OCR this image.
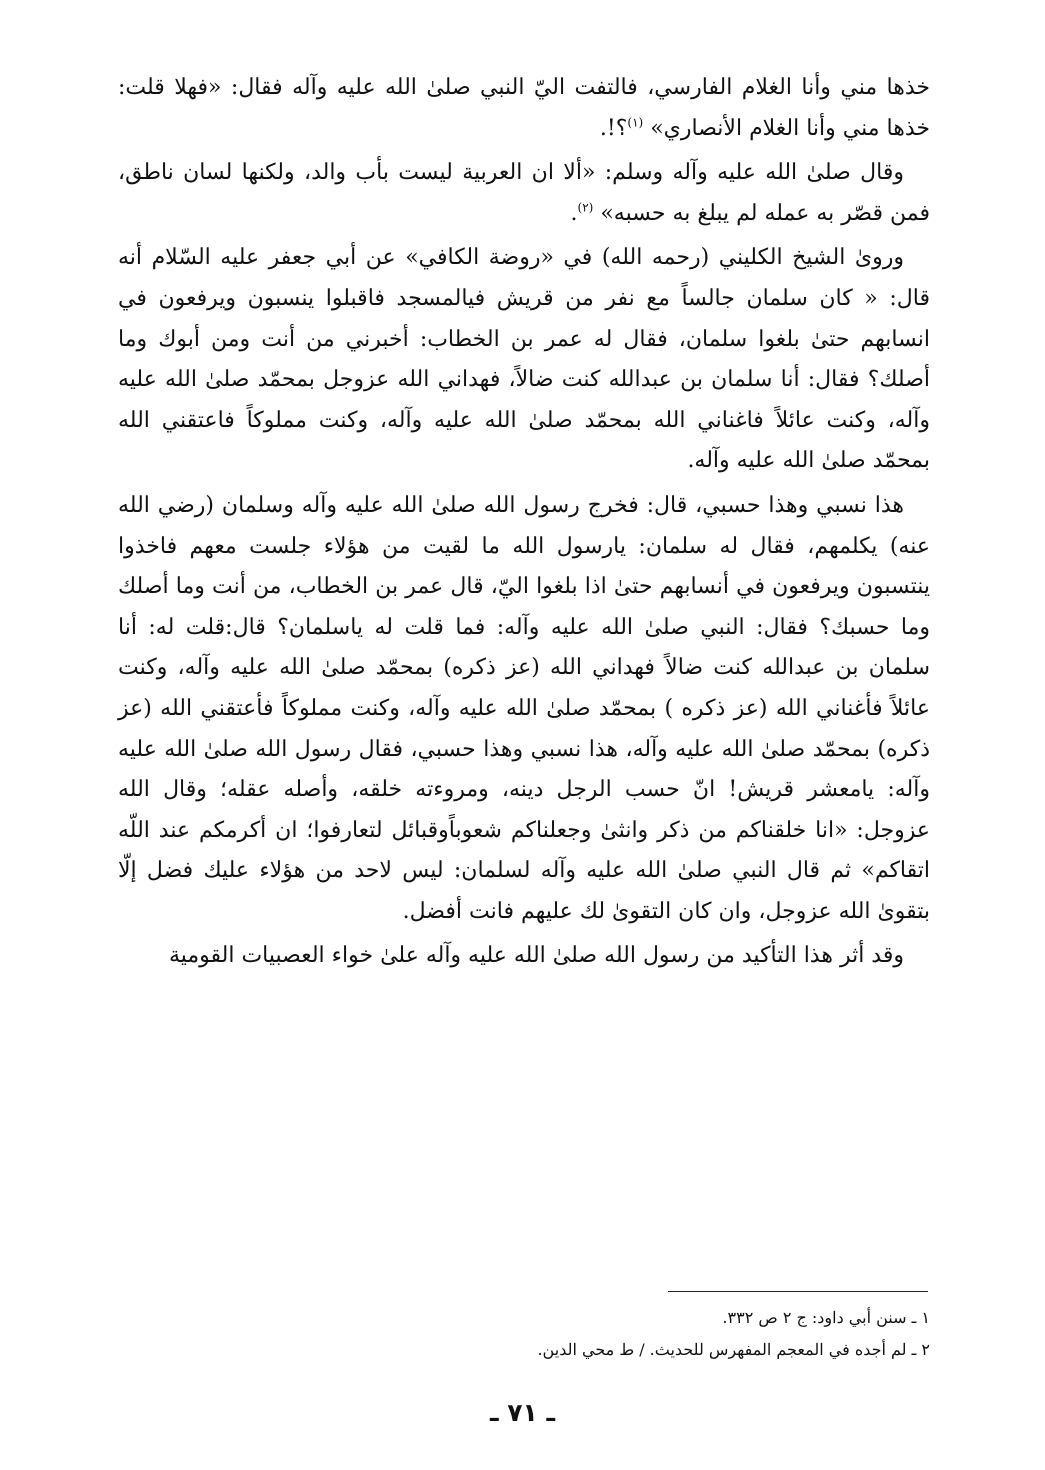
خذها مني وأنا الغلام الفارسي، فالتفت اليّ النبي صلىٰ الله عليه وآله فقال: «فهلا قلت: خذها مني وأنا الغلام الأنصاري» $^{(١)}$؟!.

وقال صلىٰ الله عليه وآله وسلم: «ألا ان العربية ليست بأب والد، ولكنها لسان ناطق، فمن قصّر به عمله لم يبلغ به حسبه» $^{(٢)}$.

وروىٰ الشيخ الكليني (رحمه الله) في «روضة الكافي» عن أبي جعفر عليه السّلام أنه قال: « كان سلمان جالساً مع نفر من قريش فيالمسجد فاقبلوا ينسبون ويرفعون في انسابهم حتىٰ بلغوا سلمان، فقال له عمر بن الخطاب: أخبرني من أنت ومن أبوك وما أصلك؟ فقال: أنا سلمان بن عبدالله كنت ضالاً، فهداني الله عزوجل بمحمّد صلىٰ الله عليه وآله، وكنت عائلاً فاغناني الله بمحمّد صلىٰ الله عليه وآله، وكنت مملوكاً فاعتقني الله بمحمّد صلىٰ الله عليه وآله.

هذا نسبي وهذا حسبي، قال: فخرج رسول الله صلىٰ الله عليه وآله وسلمان (رضي الله عنه) يكلمهم، فقال له سلمان: يارسول الله ما لقيت من هؤلاء جلست معهم فاخذوا ينتسبون ويرفعون في أنسابهم حتىٰ اذا بلغوا اليّ، قال عمر بن الخطاب، من أنت وما أصلك وما حسبك؟ فقال: النبي صلىٰ الله عليه وآله: فما قلت له ياسلمان؟ قال:قلت له: أنا سلمان بن عبدالله كنت ضالاً فهداني الله (عز ذكره) بمحمّد صلىٰ الله عليه وآله، وكنت عائلاً فأغناني الله (عز ذكره ) بمحمّد صلىٰ الله عليه وآله، وكنت مملوكاً فأعتقني الله (عز ذكره) بمحمّد صلىٰ الله عليه وآله، هذا نسبي وهذا حسبي، فقال رسول الله صلىٰ الله عليه وآله: يامعشر قريش! انّ حسب الرجل دينه، ومروءته خلقه، وأصله عقله؛ وقال الله عزوجل: «انا خلقناكم من ذكر وانثىٰ وجعلناكم شعوباًوقبائل لتعارفوا؛ ان أكرمكم عند اللّه اتقاكم» ثم قال النبي صلىٰ الله عليه وآله لسلمان: ليس لاحد من هؤلاء عليك فضل إلّا بتقوىٰ الله عزوجل، وان كان التقوىٰ لك عليهم فانت أفضل.

وقد أثر هذا التأكيد من رسول الله صلىٰ الله عليه وآله علىٰ خواء العصبيات القومية

١ ـ سنن أبي داود: ج ٢ ص ٣٣٢.

٢ ـ لم أجده في المعجم المفهرس للحديث. / ط محي الدين.

ـ ٧١ ـ
